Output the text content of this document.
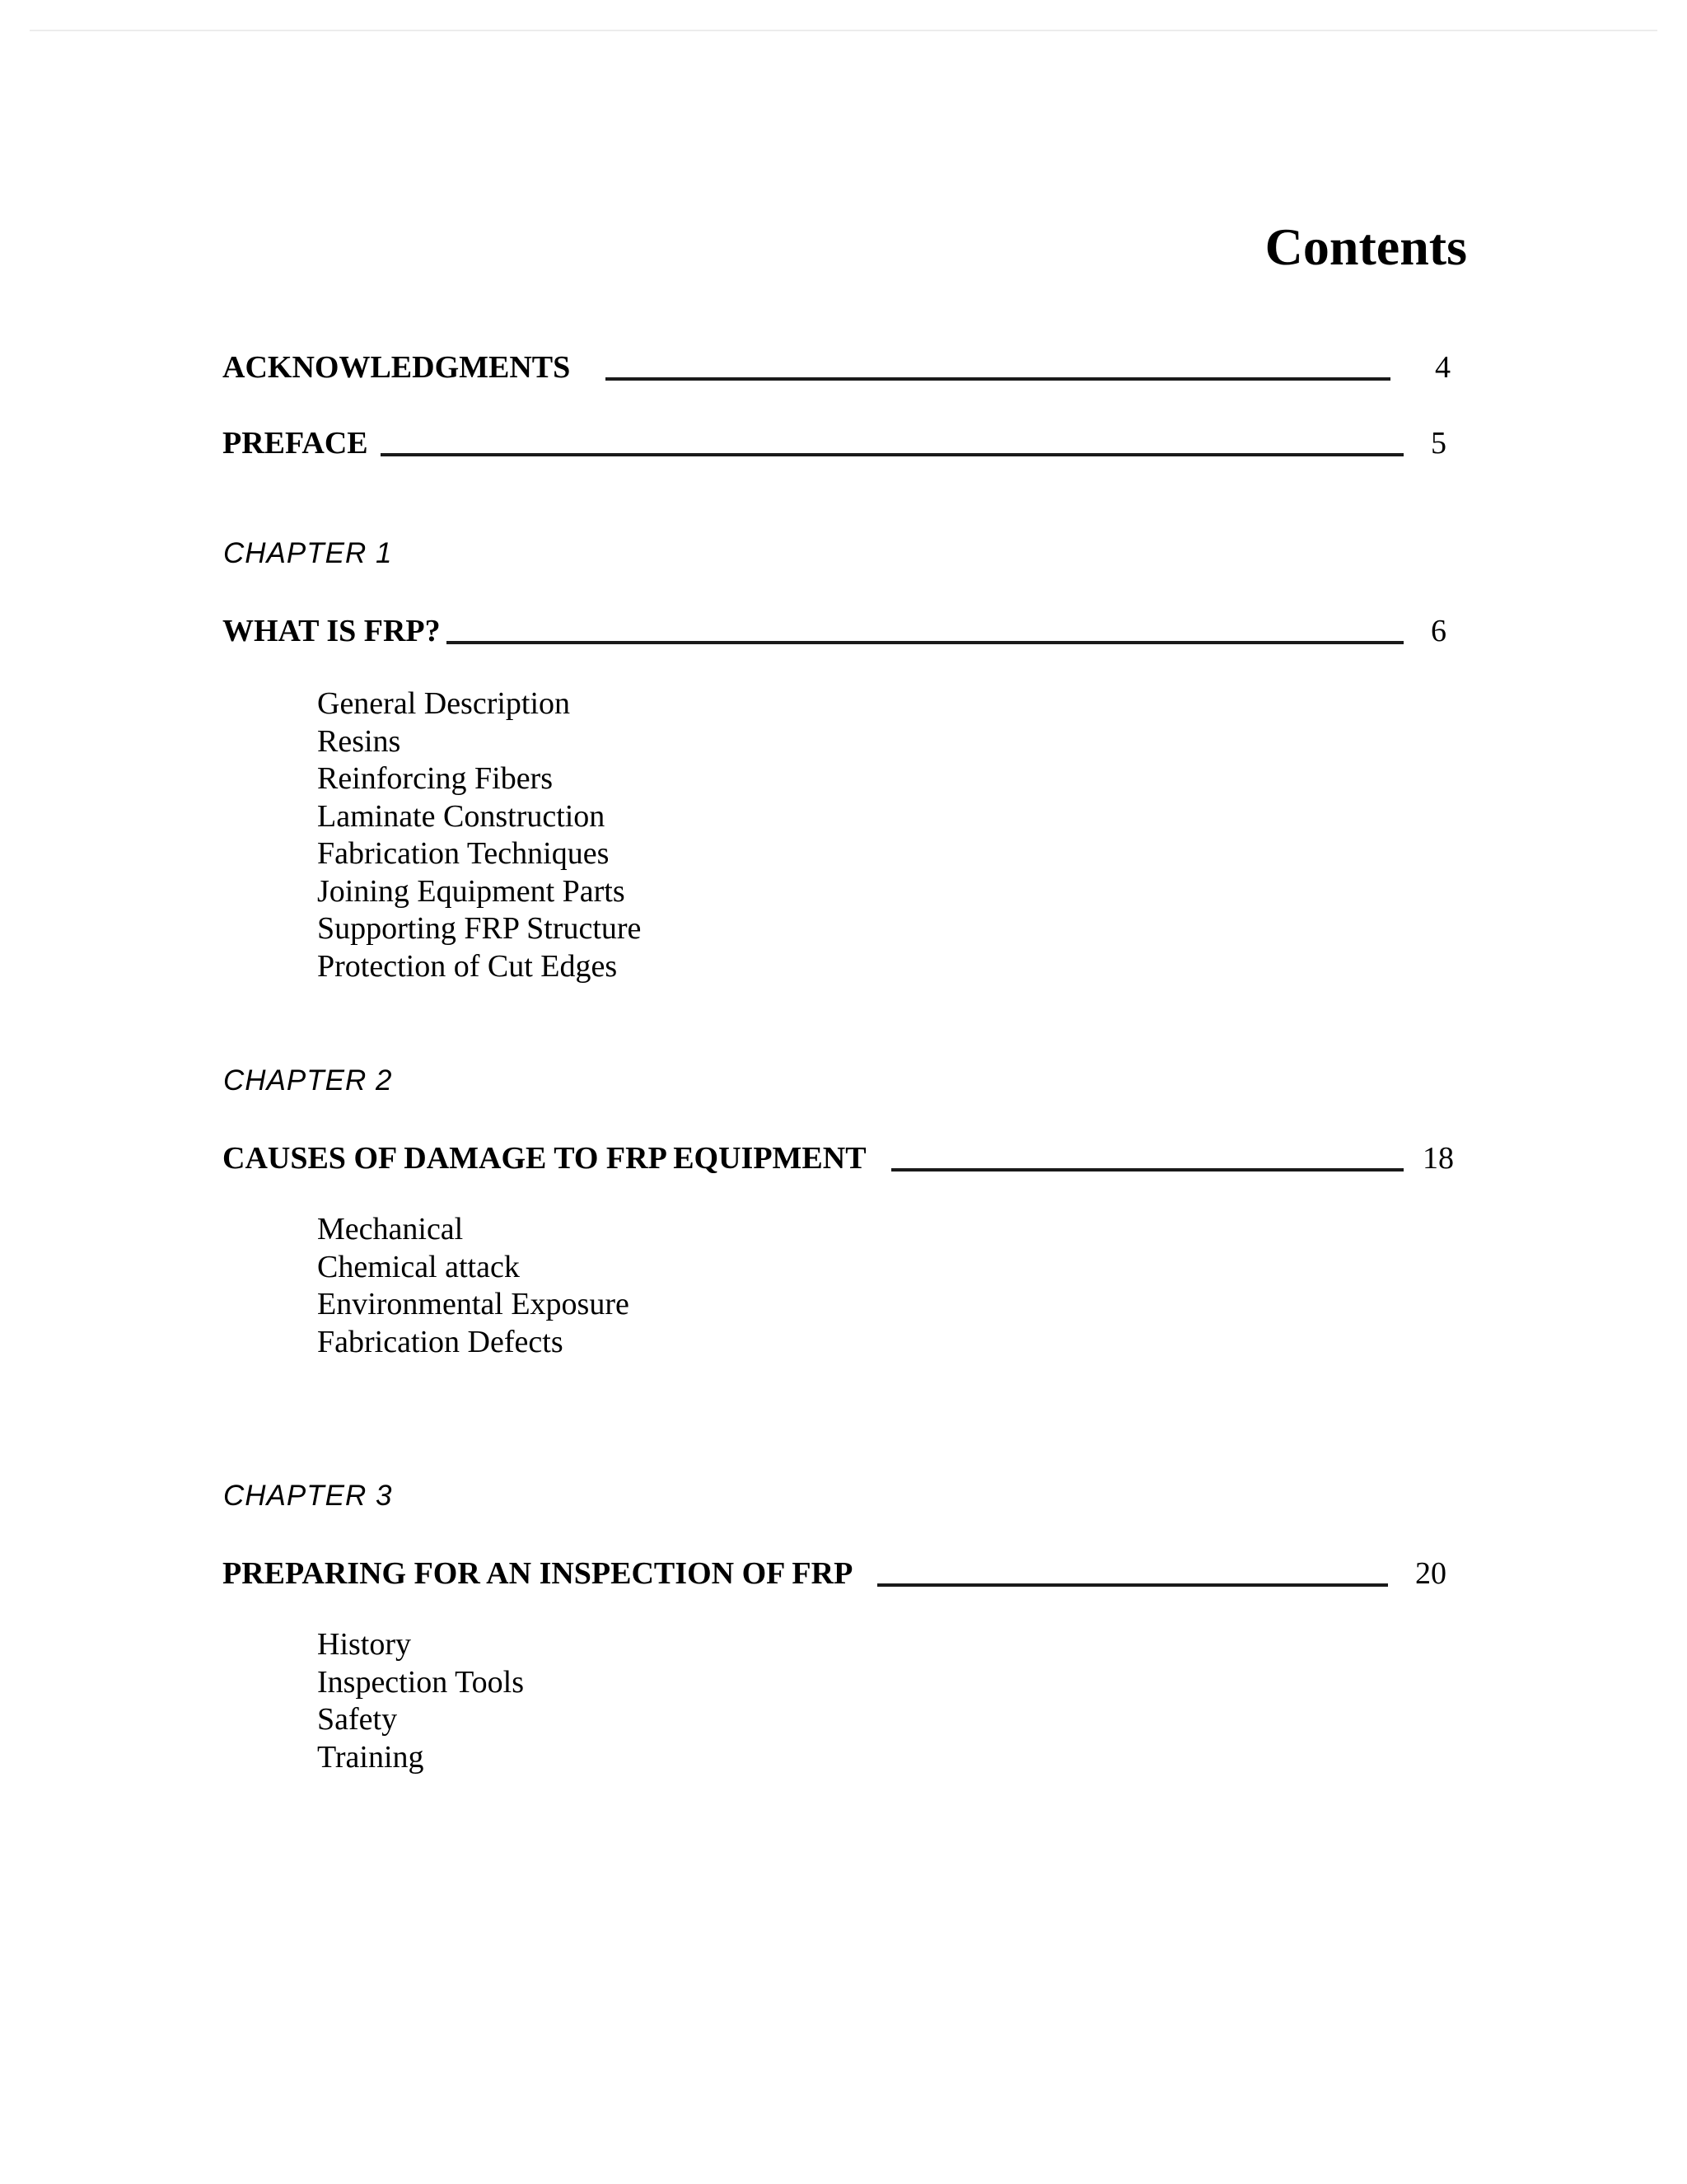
Contents
ACKNOWLEDGMENTS	4
PREFACE	5
CHAPTER 1
WHAT IS FRP?	6
General Description
Resins
Reinforcing Fibers
Laminate Construction
Fabrication Techniques
Joining Equipment Parts
Supporting FRP Structure
Protection of Cut Edges
CHAPTER 2
CAUSES OF DAMAGE TO FRP EQUIPMENT	18
Mechanical
Chemical attack
Environmental Exposure
Fabrication Defects
CHAPTER 3
PREPARING FOR AN INSPECTION OF FRP	20
History
Inspection Tools
Safety
Training
